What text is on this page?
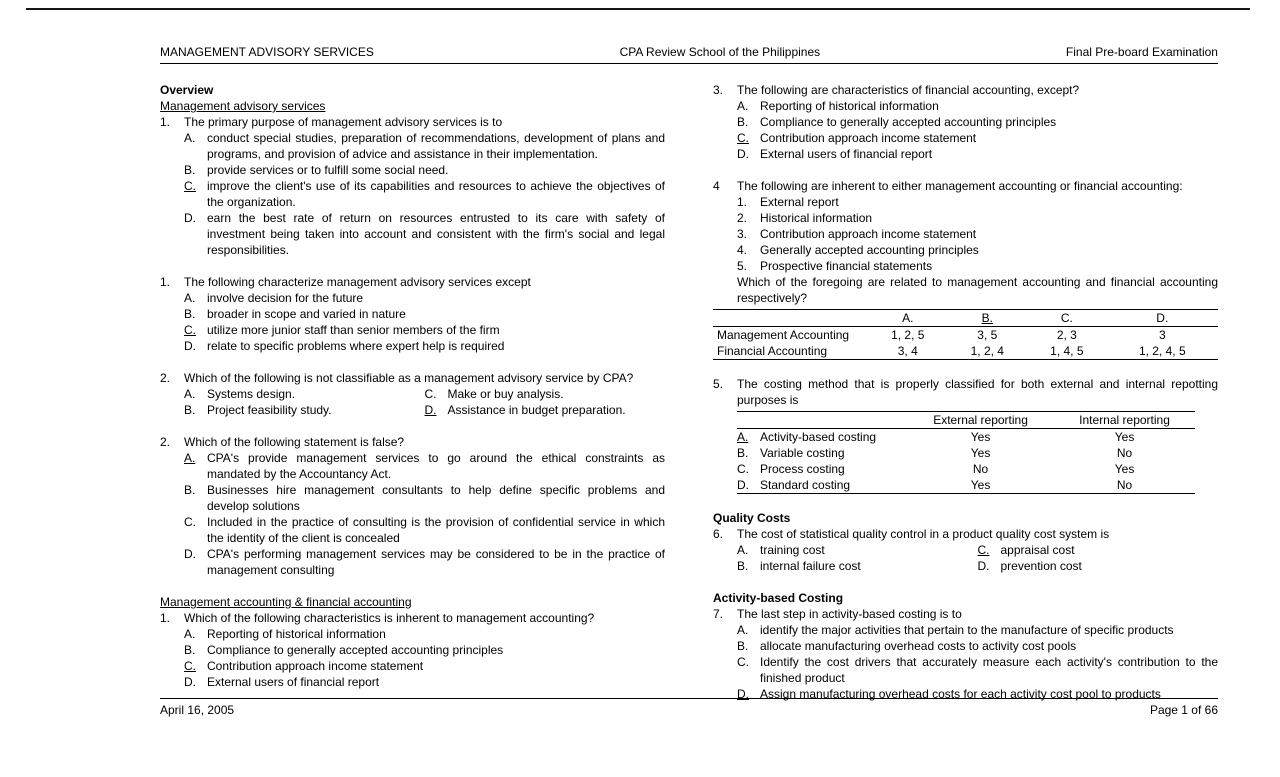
MANAGEMENT ADVISORY SERVICES	CPA Review School of the Philippines	Final Pre-board Examination
Overview
Management advisory services
1.	The primary purpose of management advisory services is to
A. conduct special studies, preparation of recommendations, development of plans and programs, and provision of advice and assistance in their implementation.
B. provide services or to fulfill some social need.
C. improve the client's use of its capabilities and resources to achieve the objectives of the organization.
D. earn the best rate of return on resources entrusted to its care with safety of investment being taken into account and consistent with the firm's social and legal responsibilities.
1.	The following characterize management advisory services except
A. involve decision for the future
B. broader in scope and varied in nature
C. utilize more junior staff than senior members of the firm
D. relate to specific problems where expert help is required
2.	Which of the following is not classifiable as a management advisory service by CPA?
A. Systems design.	C. Make or buy analysis.
B. Project feasibility study.	D. Assistance in budget preparation.
2.	Which of the following statement is false?
A. CPA's provide management services to go around the ethical constraints as mandated by the Accountancy Act.
B. Businesses hire management consultants to help define specific problems and develop solutions
C. Included in the practice of consulting is the provision of confidential service in which the identity of the client is concealed
D. CPA's performing management services may be considered to be in the practice of management consulting
Management accounting & financial accounting
1.	Which of the following characteristics is inherent to management accounting?
A. Reporting of historical information
B. Compliance to generally accepted accounting principles
C. Contribution approach income statement
D. External users of financial report
3.	The following are characteristics of financial accounting, except?
A. Reporting of historical information
B. Compliance to generally accepted accounting principles
C. Contribution approach income statement
D. External users of financial report
4	The following are inherent to either management accounting or financial accounting:
1.	External report
2.	Historical information
3.	Contribution approach income statement
4.	Generally accepted accounting principles
5.	Prospective financial statements
Which of the foregoing are related to management accounting and financial accounting respectively?
	A.	B.	C.	D.
Management Accounting	1, 2, 5	3, 5	2, 3	3
Financial Accounting	3, 4	1, 2, 4	1, 4, 5	1, 2, 4, 5
5.	The costing method that is properly classified for both external and internal repotting purposes is
	External reporting	Internal reporting

A. Activity-based costing	Yes	Yes

B. Variable costing	Yes	No

C. Process costing	No	Yes

D. Standard costing	Yes	No
Quality Costs
6.	The cost of statistical quality control in a product quality cost system is
A. training cost	C. appraisal cost
B. internal failure cost	D. prevention cost
Activity-based Costing
7.	The last step in activity-based costing is to
A. identify the major activities that pertain to the manufacture of specific products
B. allocate manufacturing overhead costs to activity cost pools
C. Identify the cost drivers that accurately measure each activity's contribution to the finished product
D. Assign manufacturing overhead costs for each activity cost pool to products
April 16, 2005	Page 1 of 66
